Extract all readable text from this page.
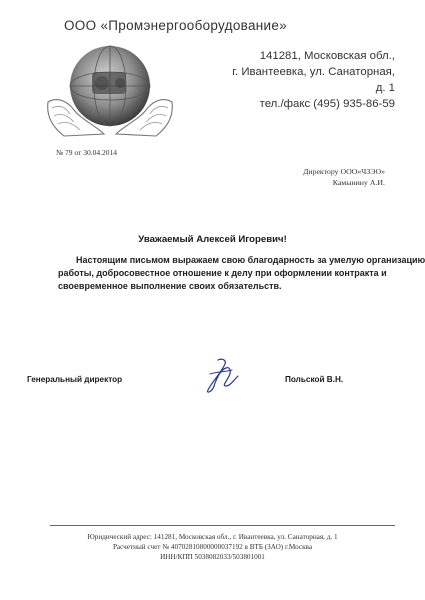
ООО «Промэнергооборудование»
141281, Московская обл.,
г. Ивантеевка, ул. Санаторная,
д. 1
тел./факс (495) 935-86-59
№ 79 от 30.04.2014
Директору ООО«ЧЗЭО»
Камынину А.И.
Уважаемый Алексей Игоревич!
Настоящим письмом выражаем свою благодарность за умелую организацию
работы, добросовестное отношение к делу при оформлении контракта и
своевременное выполнение своих обязательств.
Генеральный директор	Польской В.Н.
Юридический адрес: 141281, Московская обл., г. Ивантеевка, ул. Санаторная, д. 1
Расчетный счет № 40702810800000037192 в ВТБ (ЗАО) г.Москва
ИНН/КПП 5038082033/503801001
